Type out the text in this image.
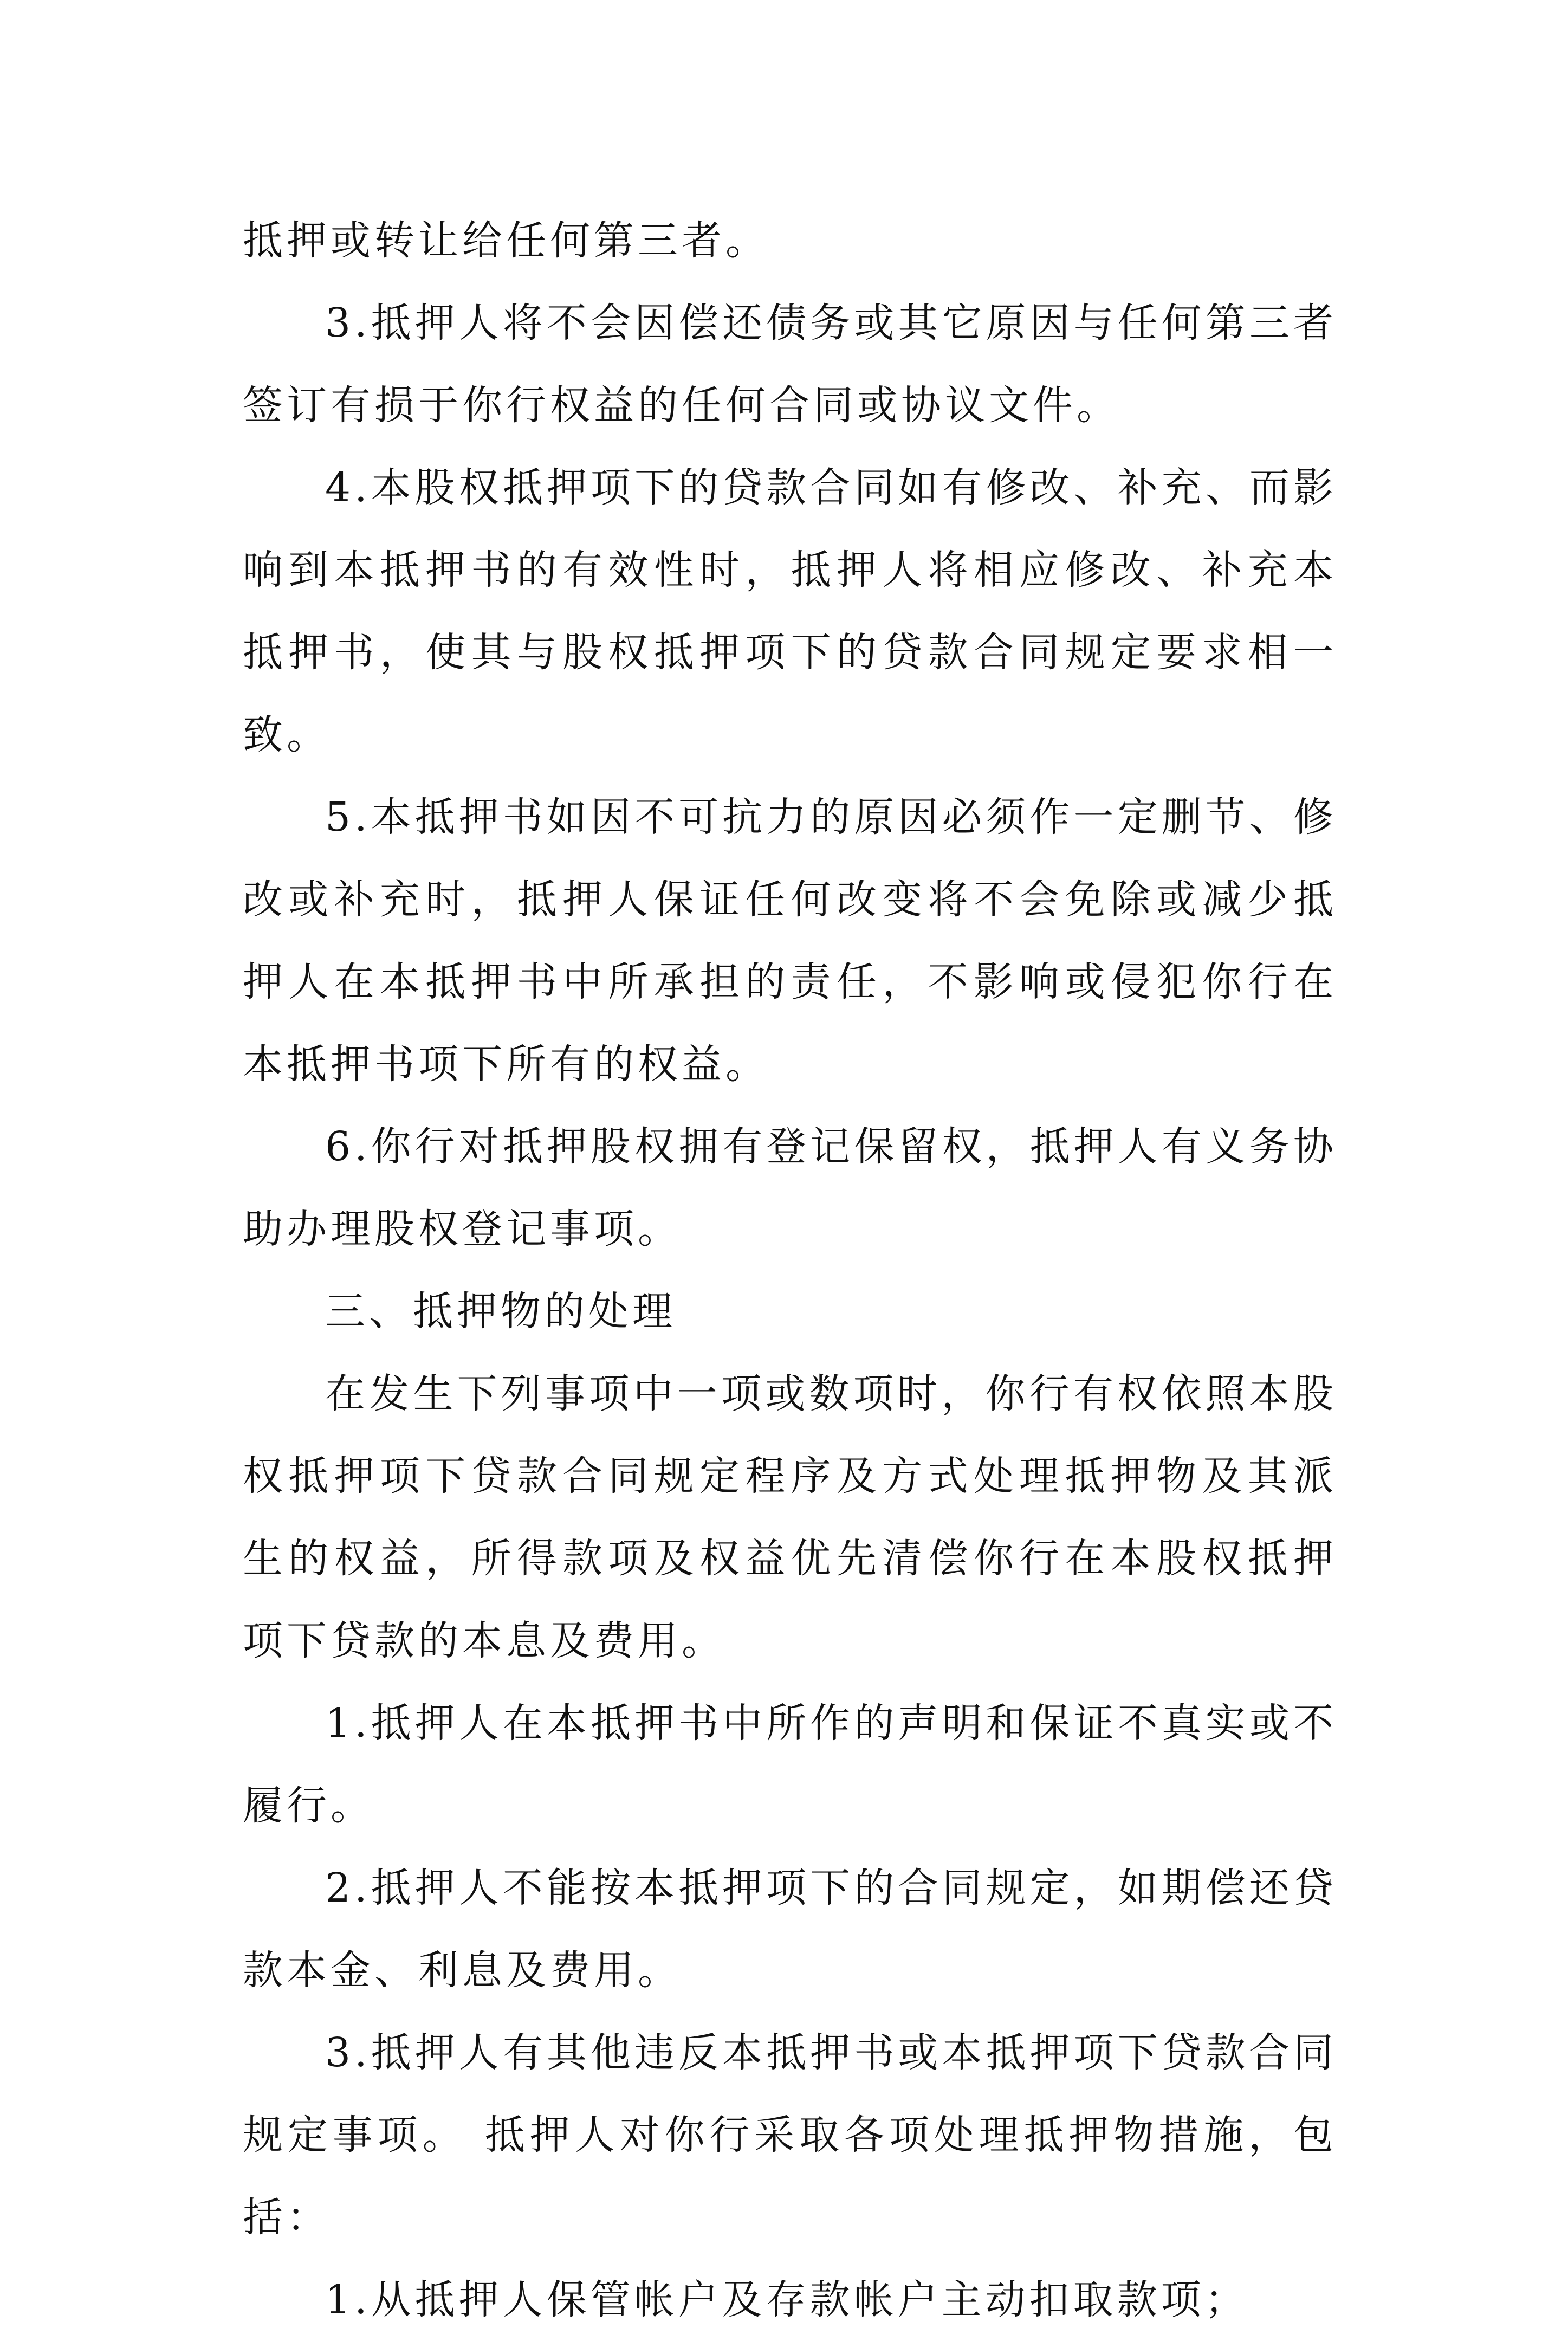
抵押或转让给任何第三者。

3.抵押人将不会因偿还债务或其它原因与任何第三者签订有损于你行权益的任何合同或协议文件。

4.本股权抵押项下的贷款合同如有修改、补充、而影响到本抵押书的有效性时，抵押人将相应修改、补充本抵押书，使其与股权抵押项下的贷款合同规定要求相一致。

5.本抵押书如因不可抗力的原因必须作一定删节、修改或补充时，抵押人保证任何改变将不会免除或减少抵押人在本抵押书中所承担的责任，不影响或侵犯你行在本抵押书项下所有的权益。

6.你行对抵押股权拥有登记保留权，抵押人有义务协助办理股权登记事项。

三、抵押物的处理

在发生下列事项中一项或数项时，你行有权依照本股权抵押项下贷款合同规定程序及方式处理抵押物及其派生的权益，所得款项及权益优先清偿你行在本股权抵押项下贷款的本息及费用。

1.抵押人在本抵押书中所作的声明和保证不真实或不履行。

2.抵押人不能按本抵押项下的合同规定，如期偿还贷款本金、利息及费用。

3.抵押人有其他违反本抵押书或本抵押项下贷款合同规定事项。 抵押人对你行采取各项处理抵押物措施，包括：

1.从抵押人保管帐户及存款帐户主动扣取款项；
